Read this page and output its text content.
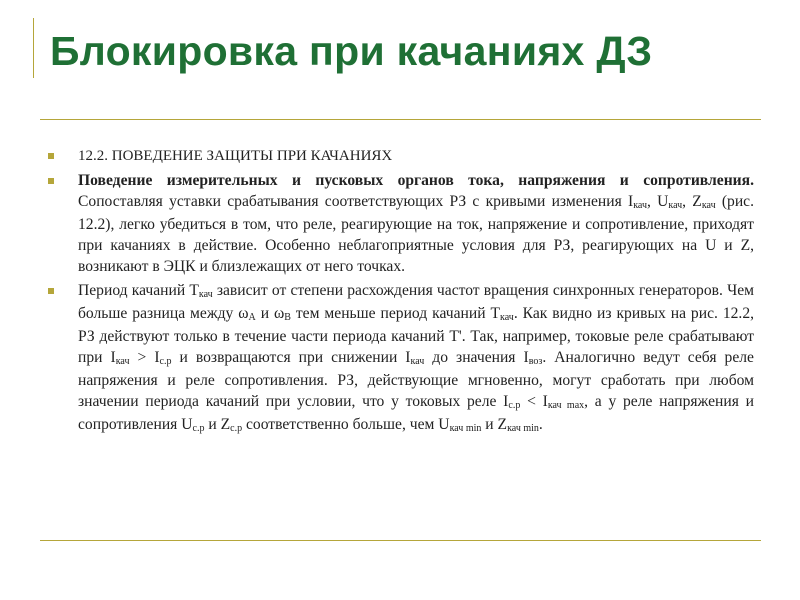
Блокировка при качаниях ДЗ
12.2. ПОВЕДЕНИЕ ЗАЩИТЫ ПРИ КАЧАНИЯХ
Поведение измерительных и пусковых органов тока, напряжения и сопротивления. Сопоставляя уставки срабатывания соответствующих РЗ с кривыми изменения $I_{кач}$, $U_{кач}$, $Z_{кач}$ (рис. 12.2), легко убедиться в том, что реле, реагирующие на ток, напряжение и сопротивление, приходят при качаниях в действие. Особенно неблагоприятные условия для РЗ, реагирующих на U и Z, возникают в ЭЦК и близлежащих от него точках.
Период качаний $Т_{кач}$ зависит от степени расхождения частот вращения синхронных генераторов. Чем больше разница между $\omega_А$ и $\omega_В$ тем меньше период качаний $Т_{кач}$. Как видно из кривых на рис. 12.2, РЗ действуют только в течение части периода качаний Т'. Так, например, токовые реле срабатывают при $I_{кач} > I_{с.р}$ и возвращаются при снижении $I_{кач}$ до значения $I_{воз}$. Аналогично ведут себя реле напряжения и реле сопротивления. РЗ, действующие мгновенно, могут сработать при любом значении периода качаний при условии, что у токовых реле $I_{с.р} < I_{кач max}$, а у реле напряжения и сопротивления $U_{с.р}$ и $Z_{с.р}$ соответственно больше, чем $U_{кач min}$ и $Z_{кач min}$.
